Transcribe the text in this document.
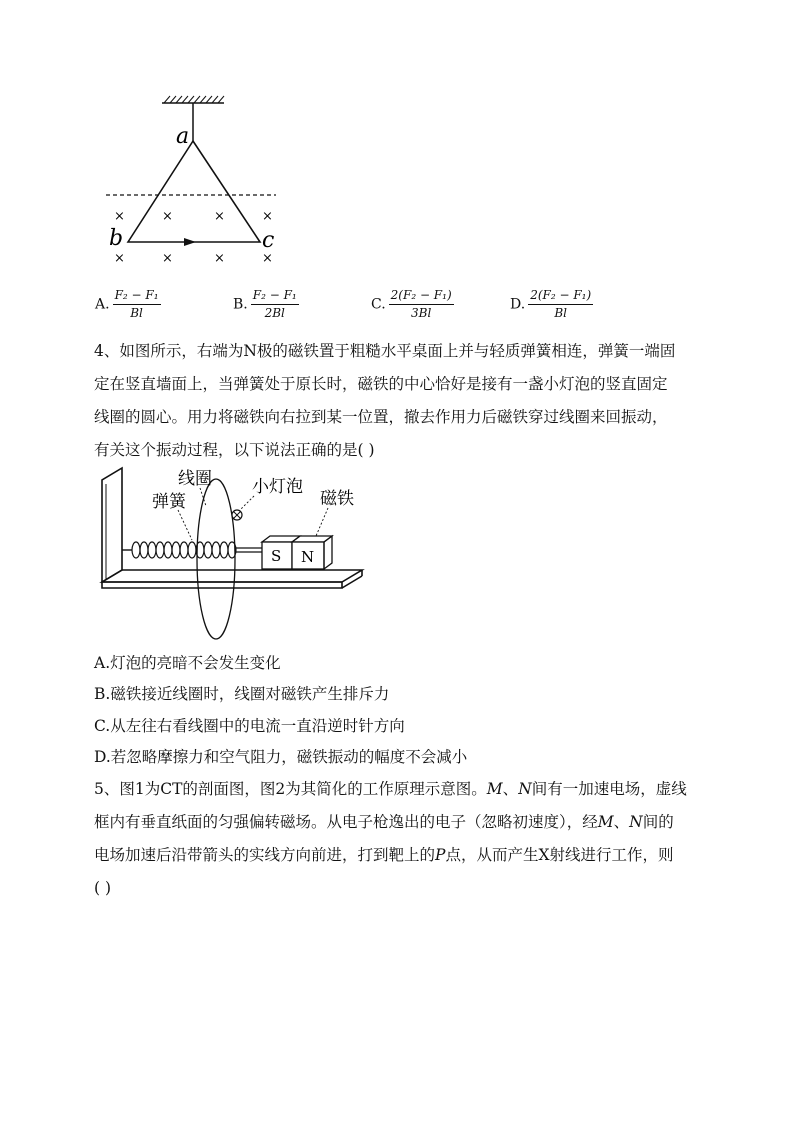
×	×	×	×
×	×	×	×
a
b	c
A. $\frac{\text{F₂ − F₁}}{Bl}$	B. $\frac{\text{F₂ − F₁}}{2Bl}$	C. $\frac{\text{2(F₂ − F₁)}}{3Bl}$	D. $\frac{\text{2(F₂ − F₁)}}{Bl}$
4、如图所示，右端为N极的磁铁置于粗糙水平桌面上并与轻质弹簧相连，弹簧一端固
定在竖直墙面上，当弹簧处于原长时，磁铁的中心恰好是接有一盏小灯泡的竖直固定
线圈的圆心。用力将磁铁向右拉到某一位置，撤去作用力后磁铁穿过线圈来回振动，
有关这个振动过程，以下说法正确的是( )
S N
线圈
弹簧
小灯泡
磁铁
A.灯泡的亮暗不会发生变化
B.磁铁接近线圈时，线圈对磁铁产生排斥力
C.从左往右看线圈中的电流一直沿逆时针方向
D.若忽略摩擦力和空气阻力，磁铁振动的幅度不会减小
5、图1为CT的剖面图，图2为其简化的工作原理示意图。M、N间有一加速电场，虚线
框内有垂直纸面的匀强偏转磁场。从电子枪逸出的电子（忽略初速度），经M、N间的
电场加速后沿带箭头的实线方向前进，打到靶上的P点，从而产生X射线进行工作，则
( )
